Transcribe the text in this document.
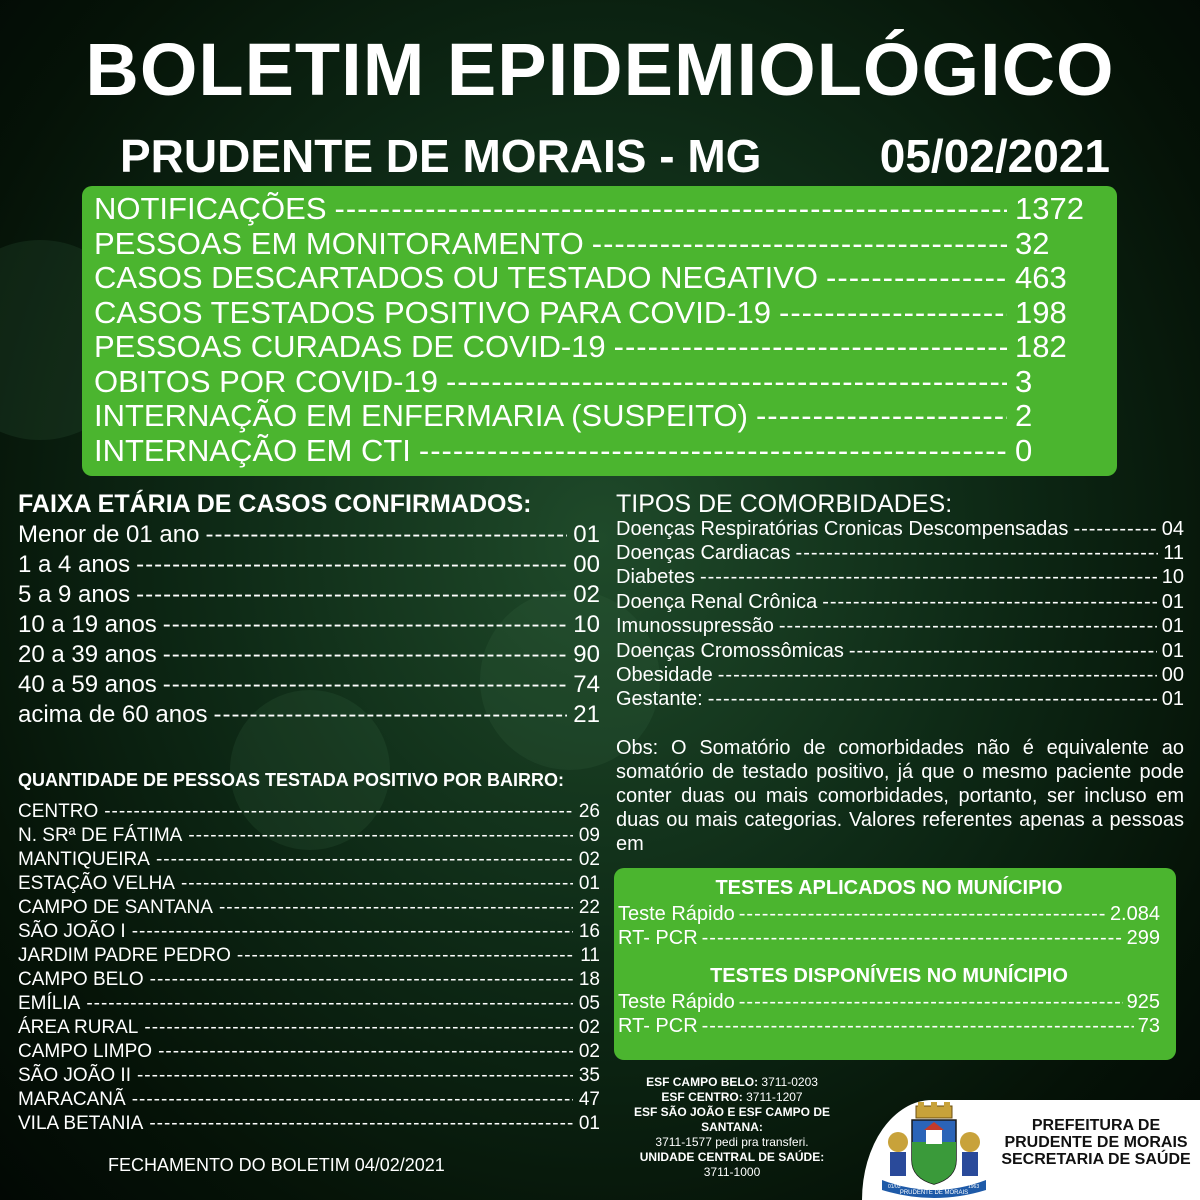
BOLETIM EPIDEMIOLÓGICO
PRUDENTE DE MORAIS - MG	05/02/2021
NOTIFICAÇÕES -----	1372
PESSOAS EM MONITORAMENTO -----	32
CASOS DESCARTADOS OU TESTADO NEGATIVO -----	463
CASOS TESTADOS POSITIVO PARA COVID-19 -----	198
PESSOAS CURADAS DE COVID-19 -----	182
OBITOS POR COVID-19 -----	3
INTERNAÇÃO EM ENFERMARIA (SUSPEITO) -----	2
INTERNAÇÃO EM CTI -----	0
FAIXA ETÁRIA DE CASOS CONFIRMADOS:
Menor de 01 ano -----	01
1 a 4 anos -----	00
5 a 9 anos -----	02
10 a 19 anos -----	10
20 a 39 anos -----	90
40 a 59 anos -----	74
acima de 60 anos -----	21
TIPOS DE COMORBIDADES:
Doenças Respiratórias Cronicas Descompensadas -----	04
Doenças Cardiacas -----	11
Diabetes -----	10
Doença Renal Crônica -----	01
Imunossupressão -----	01
Doenças Cromossômicas -----	01
Obesidade -----	00
Gestante: -----	01
Obs: O Somatório de comorbidades não é equivalente ao somatório de testado positivo, já que o mesmo paciente pode conter duas ou mais comorbidades, portanto, ser incluso em duas ou mais categorias. Valores referentes apenas a pessoas em
TESTES APLICADOS NO MUNÍCIPIO
Teste Rápido -----	2.084
RT- PCR -----	299
TESTES DISPONÍVEIS NO MUNÍCIPIO
Teste Rápido -----	925
RT- PCR -----	73
QUANTIDADE DE PESSOAS TESTADA POSITIVO POR BAIRRO:
CENTRO -----	26
N. SRª DE FÁTIMA -----	09
MANTIQUEIRA -----	02
ESTAÇÃO VELHA -----	01
CAMPO DE SANTANA -----	22
SÃO JOÃO I -----	16
JARDIM PADRE PEDRO -----	11
CAMPO BELO -----	18
EMÍLIA -----	05
ÁREA RURAL -----	02
CAMPO LIMPO -----	02
SÃO JOÃO II -----	35
MARACANÃ -----	47
VILA BETANIA -----	01
FECHAMENTO DO BOLETIM 04/02/2021
ESF CAMPO BELO: 3711-0203
ESF CENTRO: 3711-1207
ESF SÃO JOÃO E ESF CAMPO DE SANTANA:
3711-1577 pedi pra transferi.
UNIDADE CENTRAL DE SAÚDE:
3711-1000
PRUDENTE DE MORAIS
01/03	1963
PREFEITURA DE
PRUDENTE DE MORAIS
SECRETARIA DE SAÚDE
